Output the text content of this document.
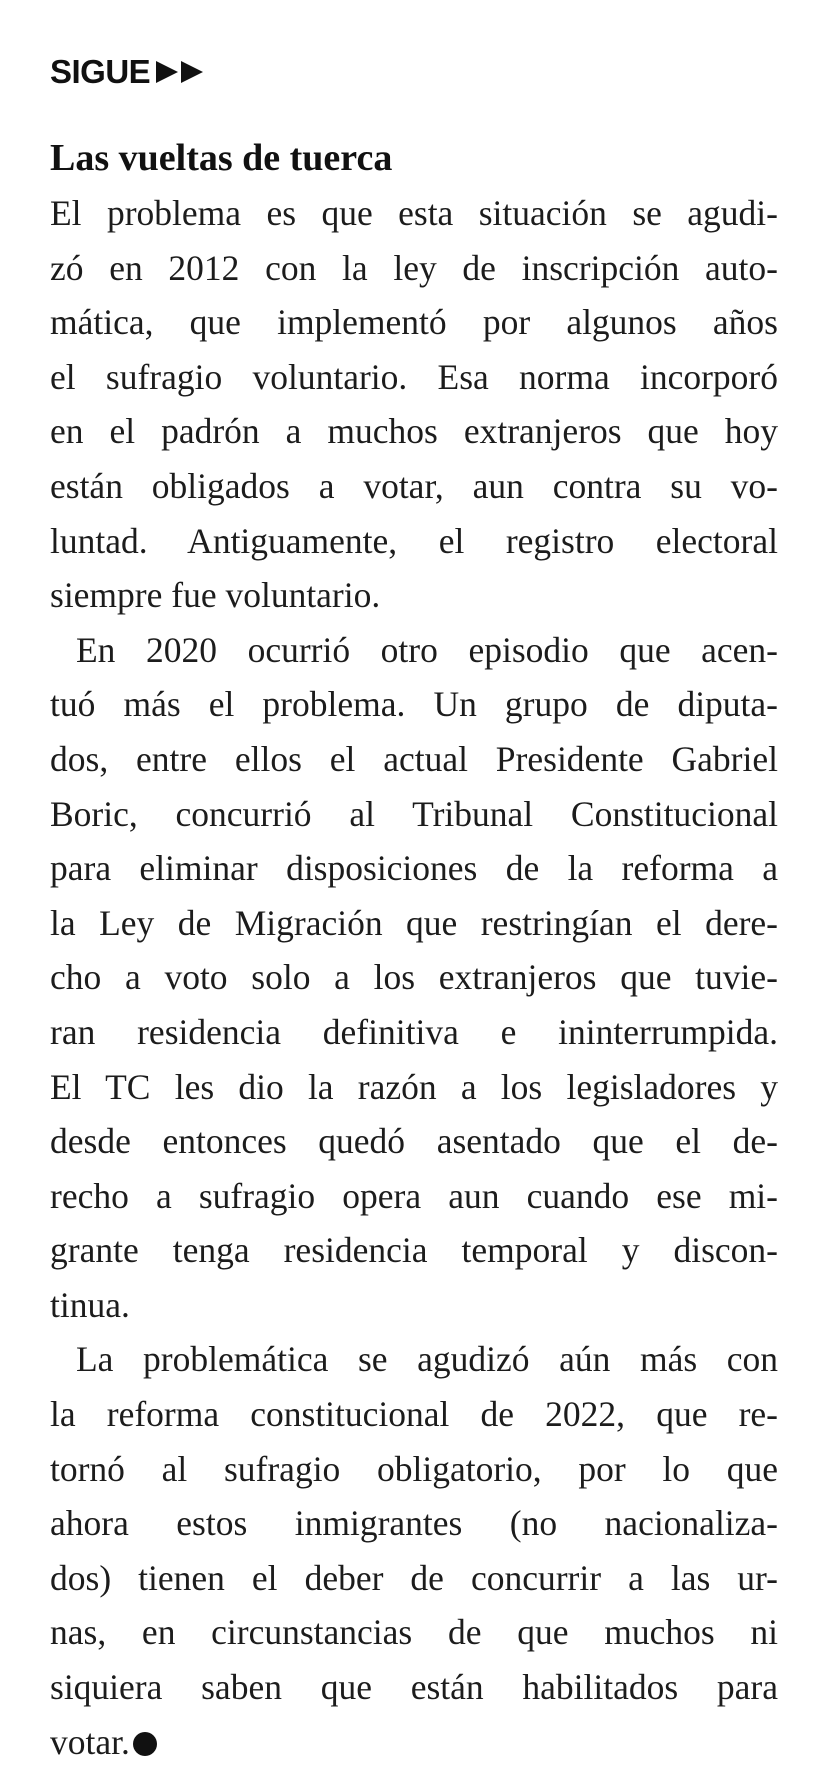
SIGUE
Las vueltas de tuerca
El problema es que esta situación se agudi-
zó en 2012 con la ley de inscripción auto-
mática, que implementó por algunos años
el sufragio voluntario. Esa norma incorporó
en el padrón a muchos extranjeros que hoy
están obligados a votar, aun contra su vo-
luntad. Antiguamente, el registro electoral
siempre fue voluntario.
En 2020 ocurrió otro episodio que acen-
tuó más el problema. Un grupo de diputa-
dos, entre ellos el actual Presidente Gabriel
Boric, concurrió al Tribunal Constitucional
para eliminar disposiciones de la reforma a
la Ley de Migración que restringían el dere-
cho a voto solo a los extranjeros que tuvie-
ran residencia definitiva e ininterrumpida.
El TC les dio la razón a los legisladores y
desde entonces quedó asentado que el de-
recho a sufragio opera aun cuando ese mi-
grante tenga residencia temporal y discon-
tinua.
La problemática se agudizó aún más con
la reforma constitucional de 2022, que re-
tornó al sufragio obligatorio, por lo que
ahora estos inmigrantes (no nacionaliza-
dos) tienen el deber de concurrir a las ur-
nas, en circunstancias de que muchos ni
siquiera saben que están habilitados para
votar.
